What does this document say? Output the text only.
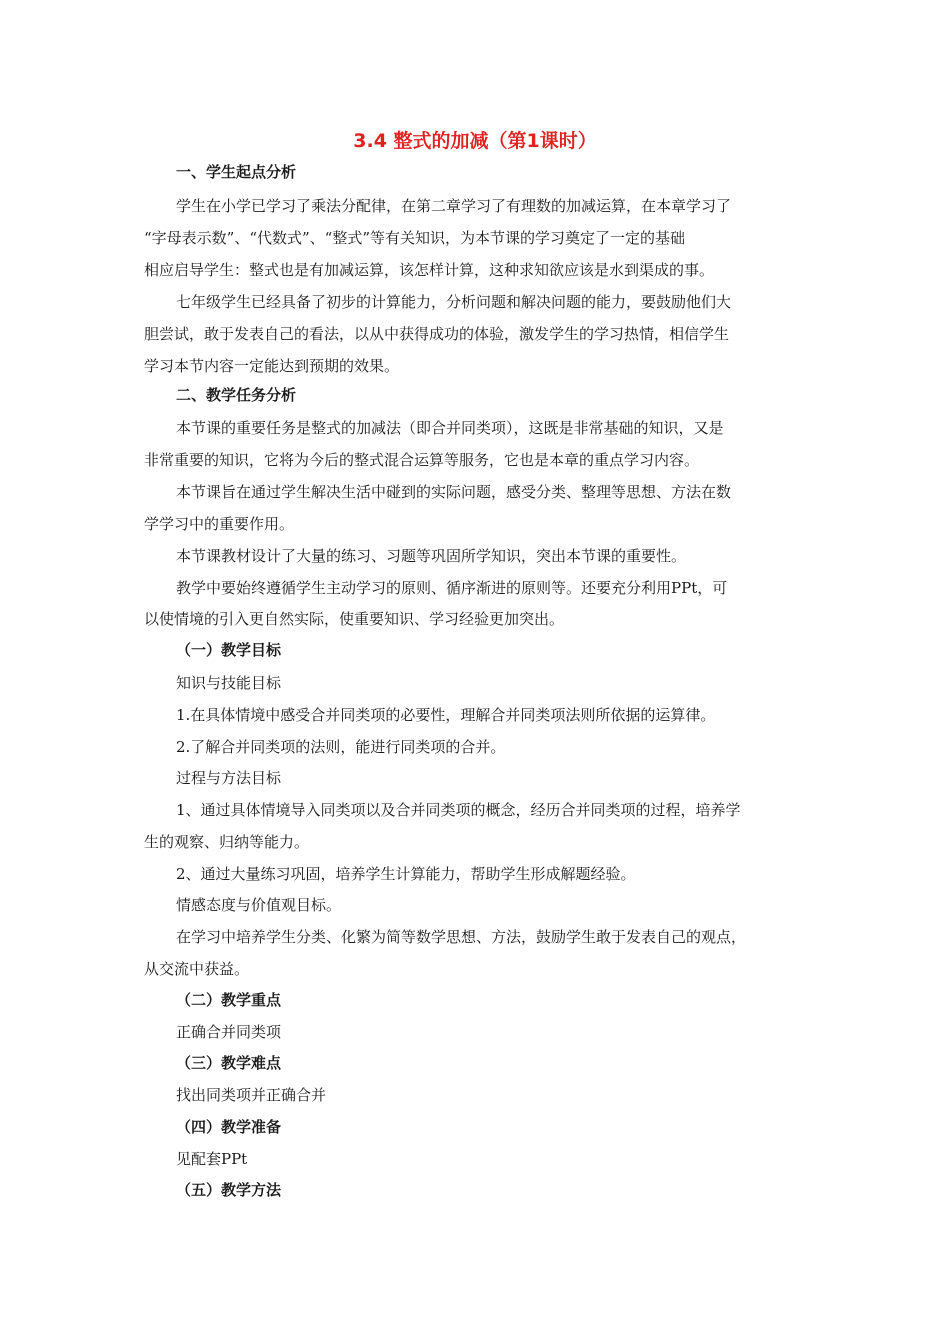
3.4 整式的加减（第1课时）
一、学生起点分析
学生在小学已学习了乘法分配律，在第二章学习了有理数的加减运算，在本章学习了
“字母表示数”、“代数式”、“整式”等有关知识，为本节课的学习奠定了一定的基础
相应启导学生：整式也是有加减运算，该怎样计算，这种求知欲应该是水到渠成的事。
七年级学生已经具备了初步的计算能力，分析问题和解决问题的能力，要鼓励他们大
胆尝试，敢于发表自己的看法，以从中获得成功的体验，激发学生的学习热情，相信学生
学习本节内容一定能达到预期的效果。
二、教学任务分析
本节课的重要任务是整式的加减法（即合并同类项），这既是非常基础的知识，又是
非常重要的知识，它将为今后的整式混合运算等服务，它也是本章的重点学习内容。
本节课旨在通过学生解决生活中碰到的实际问题，感受分类、整理等思想、方法在数
学学习中的重要作用。
本节课教材设计了大量的练习、习题等巩固所学知识，突出本节课的重要性。
教学中要始终遵循学生主动学习的原则、循序渐进的原则等。还要充分利用PPt，可
以使情境的引入更自然实际，使重要知识、学习经验更加突出。
（一）教学目标
知识与技能目标
1.在具体情境中感受合并同类项的必要性，理解合并同类项法则所依据的运算律。
2.了解合并同类项的法则，能进行同类项的合并。
过程与方法目标
1、通过具体情境导入同类项以及合并同类项的概念，经历合并同类项的过程，培养学
生的观察、归纳等能力。
2、通过大量练习巩固，培养学生计算能力，帮助学生形成解题经验。
情感态度与价值观目标。
在学习中培养学生分类、化繁为简等数学思想、方法，鼓励学生敢于发表自己的观点，
从交流中获益。
（二）教学重点
正确合并同类项
（三）教学难点
找出同类项并正确合并
（四）教学准备
见配套PPt
（五）教学方法
